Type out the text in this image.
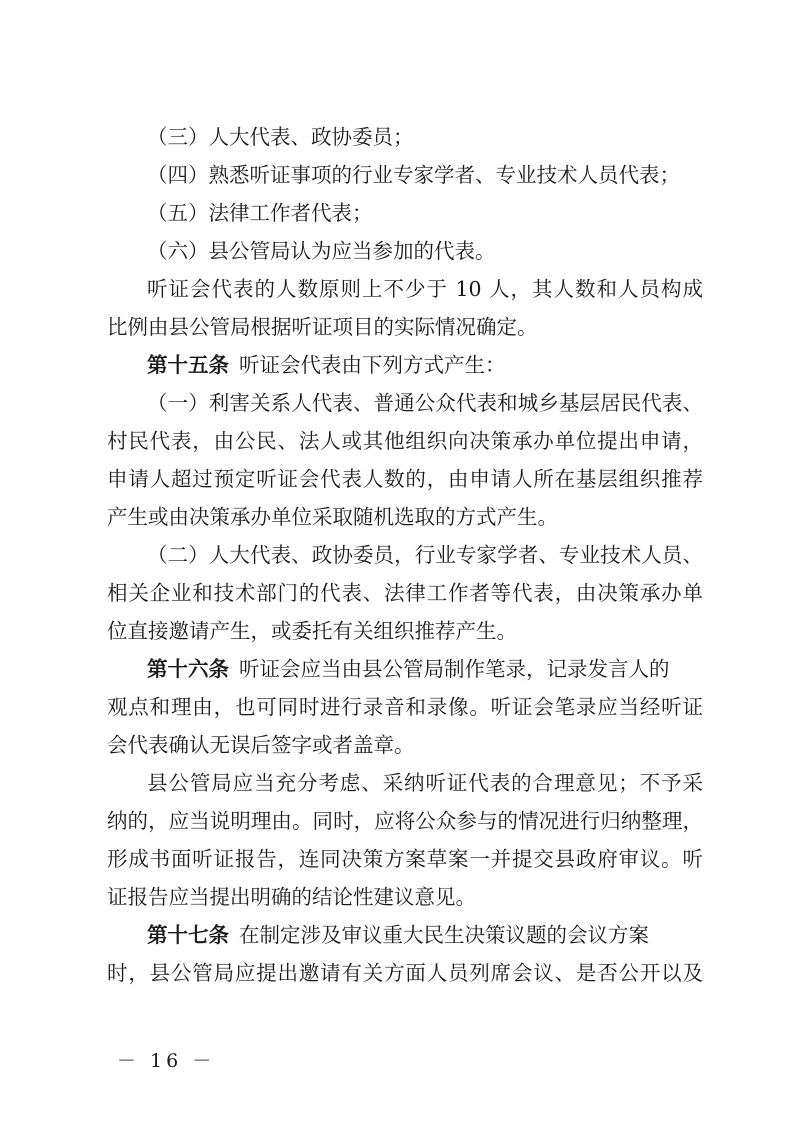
（三）人大代表、政协委员；
（四）熟悉听证事项的行业专家学者、专业技术人员代表；
（五）法律工作者代表；
（六）县公管局认为应当参加的代表。
听证会代表的人数原则上不少于 10 人，其人数和人员构成
比例由县公管局根据听证项目的实际情况确定。
第十五条 听证会代表由下列方式产生：
（一）利害关系人代表、普通公众代表和城乡基层居民代表、
村民代表，由公民、法人或其他组织向决策承办单位提出申请，
申请人超过预定听证会代表人数的，由申请人所在基层组织推荐
产生或由决策承办单位采取随机选取的方式产生。
（二）人大代表、政协委员，行业专家学者、专业技术人员、
相关企业和技术部门的代表、法律工作者等代表，由决策承办单
位直接邀请产生，或委托有关组织推荐产生。
第十六条 听证会应当由县公管局制作笔录，记录发言人的
观点和理由，也可同时进行录音和录像。听证会笔录应当经听证
会代表确认无误后签字或者盖章。
县公管局应当充分考虑、采纳听证代表的合理意见；不予采
纳的，应当说明理由。同时，应将公众参与的情况进行归纳整理，
形成书面听证报告，连同决策方案草案一并提交县政府审议。听
证报告应当提出明确的结论性建议意见。
第十七条 在制定涉及审议重大民生决策议题的会议方案
时，县公管局应提出邀请有关方面人员列席会议、是否公开以及
－ 16 －
